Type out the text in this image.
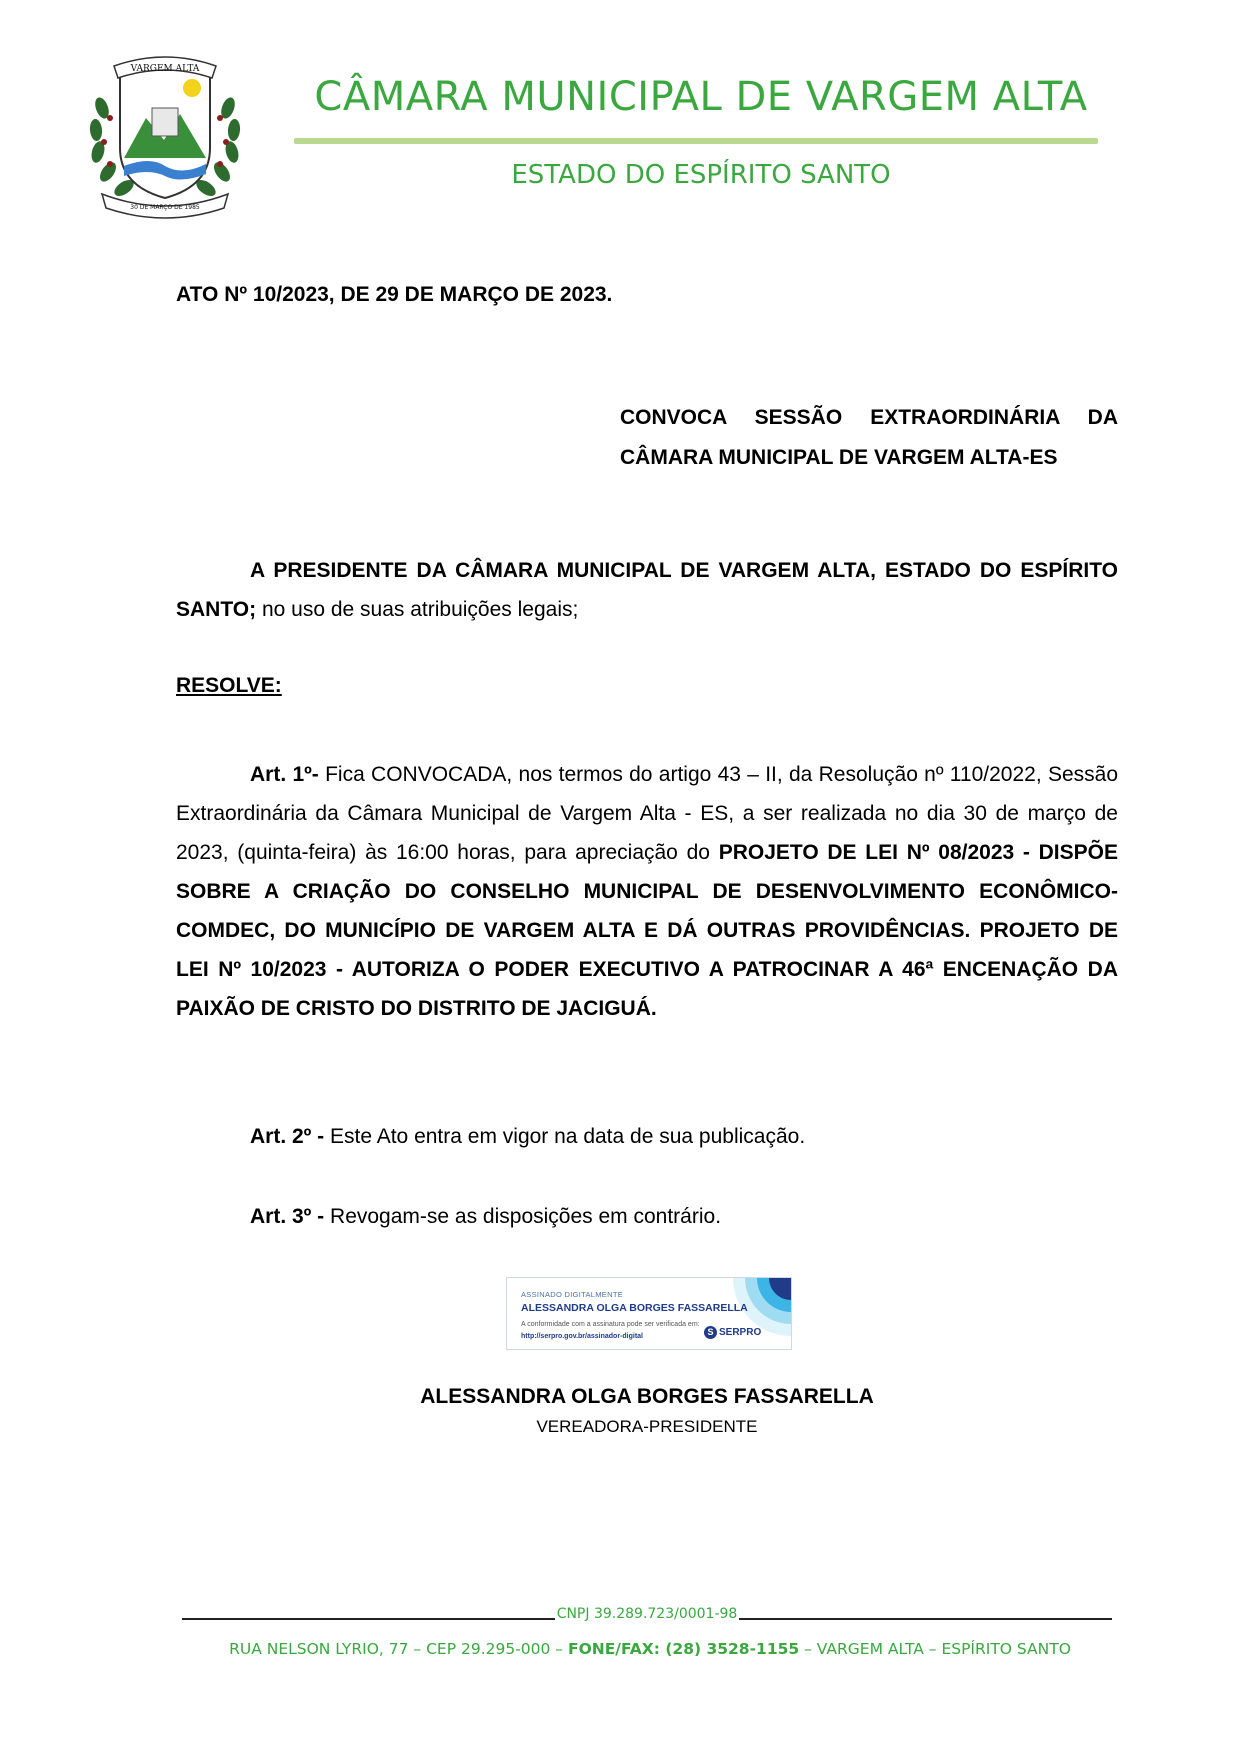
VARGEM ALTA
30 DE MARÇO DE 1985
CÂMARA MUNICIPAL DE VARGEM ALTA
ESTADO DO ESPÍRITO SANTO
ATO Nº 10/2023, DE 29 DE MARÇO DE 2023.
CONVOCA SESSÃO EXTRAORDINÁRIA DA
CÂMARA MUNICIPAL DE VARGEM ALTA-ES
A PRESIDENTE DA CÂMARA MUNICIPAL DE VARGEM ALTA, ESTADO DO ESPÍRITO SANTO; no uso de suas atribuições legais;
RESOLVE:
Art. 1º- Fica CONVOCADA, nos termos do artigo 43 – II, da Resolução nº 110/2022, Sessão Extraordinária da Câmara Municipal de Vargem Alta - ES, a ser realizada no dia 30 de março de 2023, (quinta-feira) às 16:00 horas, para apreciação do PROJETO DE LEI Nº 08/2023 - DISPÕE SOBRE A CRIAÇÃO DO CONSELHO MUNICIPAL DE DESENVOLVIMENTO ECONÔMICO-COMDEC, DO MUNICÍPIO DE VARGEM ALTA E DÁ OUTRAS PROVIDÊNCIAS. PROJETO DE LEI Nº 10/2023 - AUTORIZA O PODER EXECUTIVO A PATROCINAR A 46ª ENCENAÇÃO DA PAIXÃO DE CRISTO DO DISTRITO DE JACIGUÁ.
Art. 2º - Este Ato entra em vigor na data de sua publicação.
Art. 3º - Revogam-se as disposições em contrário.
ASSINADO DIGITALMENTE
ALESSANDRA OLGA BORGES FASSARELLA
A conformidade com a assinatura pode ser verificada em:
http://serpro.gov.br/assinador-digital	S SERPRO
ALESSANDRA OLGA BORGES FASSARELLA
VEREADORA-PRESIDENTE
CNPJ 39.289.723/0001-98
RUA NELSON LYRIO, 77 – CEP 29.295-000 – FONE/FAX: (28) 3528-1155 – VARGEM ALTA – ESPÍRITO SANTO
